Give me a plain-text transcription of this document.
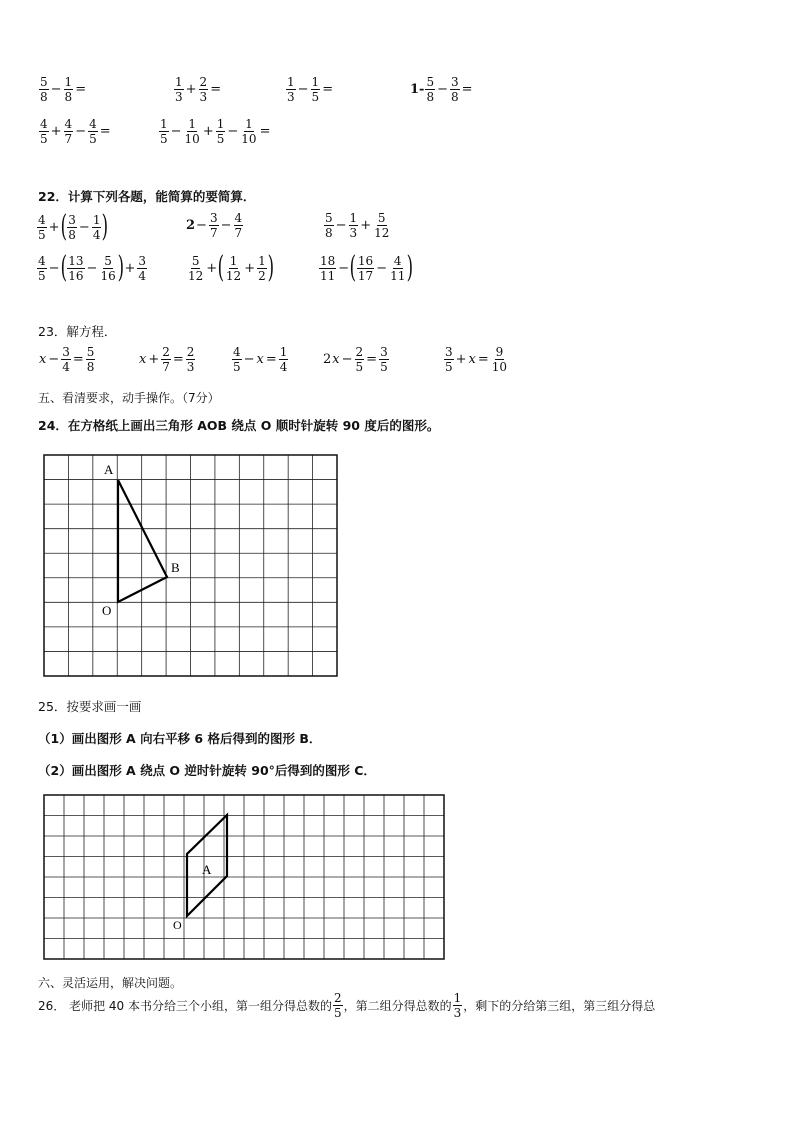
$\frac{5}{8} - \frac{1}{8}$ =	$\frac{1}{3} + \frac{2}{3}$ =	$\frac{1}{3} - \frac{1}{5}$ =	$1- \frac{5}{8} - \frac{3}{8}$ =
$\frac{4}{5} + \frac{4}{7} - \frac{4}{5}$ =	$\frac{1}{5} - \frac{1}{10} + \frac{1}{5} - \frac{1}{10}$ =
22．计算下列各题，能简算的要简算．
$\frac{4}{5}$ + ( $\frac{3}{8} - \frac{1}{4}$ )	$2 - \frac{3}{7} - \frac{4}{7}$	$\frac{5}{8} - \frac{1}{3} + \frac{5}{12}$
$\frac{4}{5}$ − ( $\frac{13}{16} - \frac{5}{16}$ ) + $\frac{3}{4}$	$\frac{5}{12}$ + ( $\frac{1}{12} + \frac{1}{2}$ )	$\frac{18}{11}$ − ( $\frac{16}{17} - \frac{4}{11}$ )
23．解方程．
$x - \frac{3}{4} = \frac{5}{8}$	$x + \frac{2}{7} = \frac{2}{3}$	$\frac{4}{5} - x = \frac{1}{4}$	2 $x - \frac{2}{5} = \frac{3}{5}$	$\frac{3}{5} + x = \frac{9}{10}$
五、看清要求，动手操作。（7分）
24．在方格纸上画出三角形 AOB 绕点 O 顺时针旋转 90 度后的图形。
A
B
O
25．按要求画一画
（1）画出图形 A 向右平移 6 格后得到的图形 B．
（2）画出图形 A 绕点 O 逆时针旋转 90°后得到的图形 C．
A
O
六、灵活运用，解决问题。
26． 老师把 40 本书分给三个小组，第一组分得总数的 $\frac{2}{5}$ ，第二组分得总数的 $\frac{1}{3}$ ，剩下的分给第三组，第三组分得总
